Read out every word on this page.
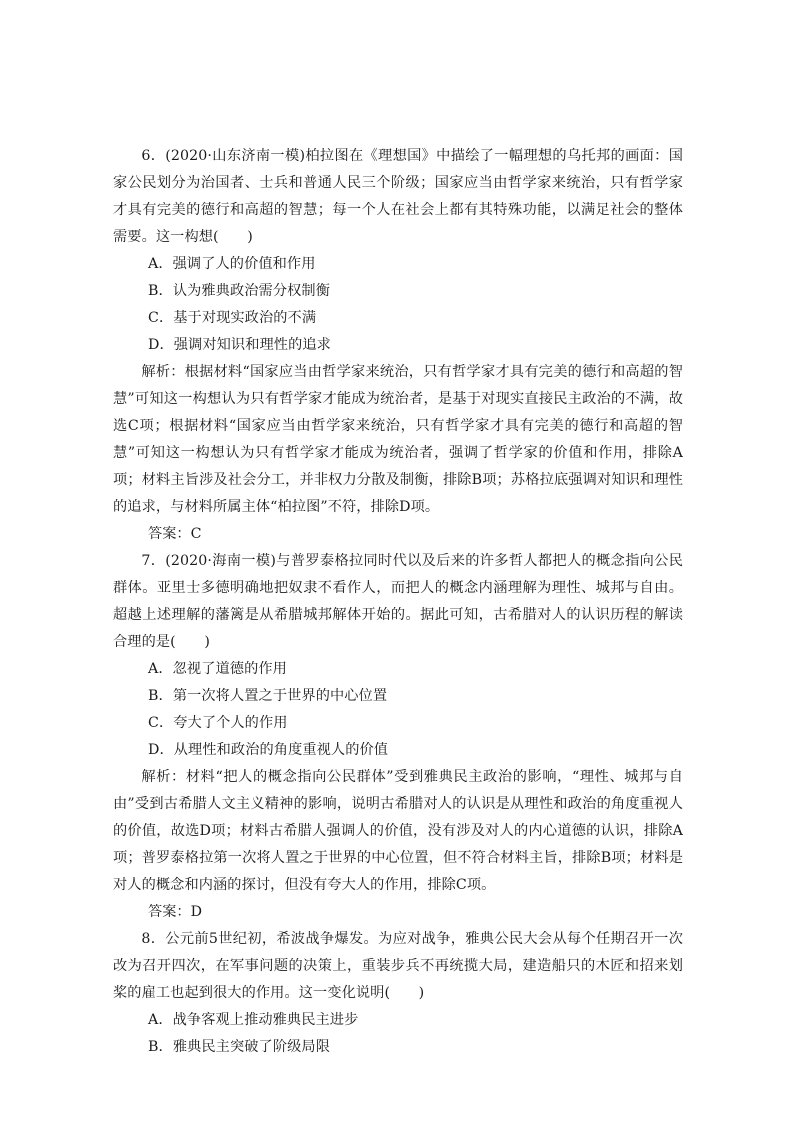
6．(2020·山东济南一模)柏拉图在《理想国》中描绘了一幅理想的乌托邦的画面：国家公民划分为治国者、士兵和普通人民三个阶级；国家应当由哲学家来统治，只有哲学家才具有完美的德行和高超的智慧；每一个人在社会上都有其特殊功能，以满足社会的整体需要。这一构想(　　)

A．强调了人的价值和作用

B．认为雅典政治需分权制衡

C．基于对现实政治的不满

D．强调对知识和理性的追求

解析：根据材料“国家应当由哲学家来统治，只有哲学家才具有完美的德行和高超的智慧”可知这一构想认为只有哲学家才能成为统治者，是基于对现实直接民主政治的不满，故选C项；根据材料“国家应当由哲学家来统治，只有哲学家才具有完美的德行和高超的智慧”可知这一构想认为只有哲学家才能成为统治者，强调了哲学家的价值和作用，排除A项；材料主旨涉及社会分工，并非权力分散及制衡，排除B项；苏格拉底强调对知识和理性的追求，与材料所属主体“柏拉图”不符，排除D项。

答案：C

7．(2020·海南一模)与普罗泰格拉同时代以及后来的许多哲人都把人的概念指向公民群体。亚里士多德明确地把奴隶不看作人，而把人的概念内涵理解为理性、城邦与自由。超越上述理解的藩篱是从希腊城邦解体开始的。据此可知，古希腊对人的认识历程的解读合理的是(　　)

A．忽视了道德的作用

B．第一次将人置之于世界的中心位置

C．夸大了个人的作用

D．从理性和政治的角度重视人的价值

解析：材料“把人的概念指向公民群体”受到雅典民主政治的影响，“理性、城邦与自由”受到古希腊人文主义精神的影响，说明古希腊对人的认识是从理性和政治的角度重视人的价值，故选D项；材料古希腊人强调人的价值，没有涉及对人的内心道德的认识，排除A项；普罗泰格拉第一次将人置之于世界的中心位置，但不符合材料主旨，排除B项；材料是对人的概念和内涵的探讨，但没有夸大人的作用，排除C项。

答案：D

8．公元前5世纪初，希波战争爆发。为应对战争，雅典公民大会从每个任期召开一次改为召开四次，在军事问题的决策上，重装步兵不再统揽大局，建造船只的木匠和招来划桨的雇工也起到很大的作用。这一变化说明(　　)

A．战争客观上推动雅典民主进步

B．雅典民主突破了阶级局限
